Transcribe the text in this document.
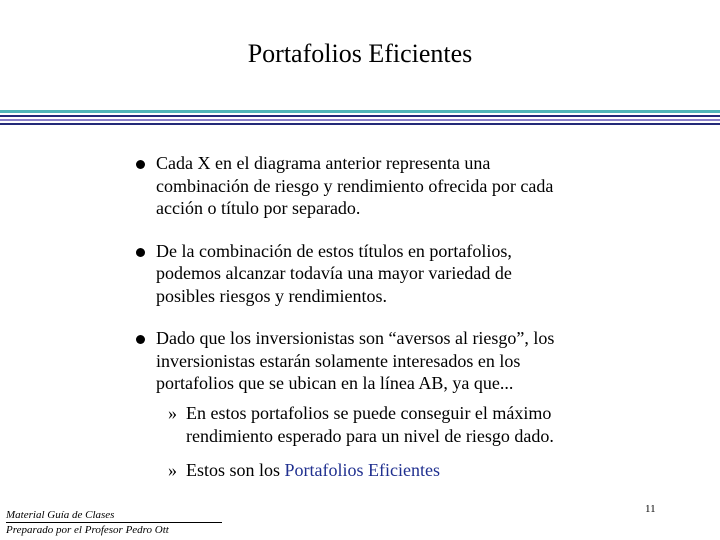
Portafolios Eficientes
Cada X en el diagrama anterior representa una
combinación de riesgo y rendimiento ofrecida por cada
acción o título por separado.
De la combinación de estos títulos en portafolios,
podemos alcanzar todavía una mayor variedad de
posibles riesgos y rendimientos.
Dado que los inversionistas son “aversos al riesgo”, los
inversionistas estarán solamente interesados en los
portafolios que se ubican en la línea AB, ya que...
» En estos portafolios se puede conseguir el máximo
rendimiento esperado para un nivel de riesgo dado.
» Estos son los Portafolios Eficientes
Material Guía de Clases
Preparado por el Profesor Pedro Ott
11
